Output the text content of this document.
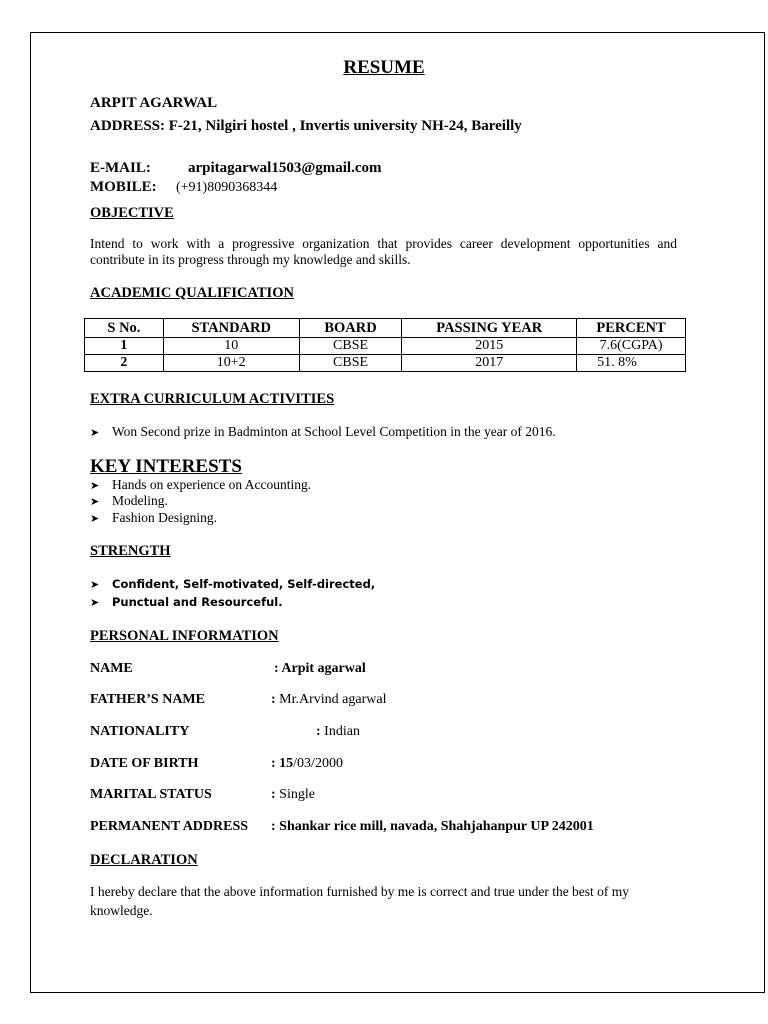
RESUME
ARPIT AGARWAL
ADDRESS: F-21, Nilgiri hostel , Invertis university NH-24, Bareilly
E-MAIL: arpitagarwal1503@gmail.com
MOBILE: (+91)8090368344
OBJECTIVE
Intend to work with a progressive organization that provides career development opportunities and
contribute in its progress through my knowledge and skills.
ACADEMIC QUALIFICATION
S No.	STANDARD	BOARD	PASSING YEAR	PERCENT
1	10	CBSE	2015	7.6(CGPA)
2	10+2	CBSE	2017	51. 8%
EXTRA CURRICULUM ACTIVITIES
➤ Won Second prize in Badminton at School Level Competition in the year of 2016.
KEY INTERESTS
➤ Hands on experience on Accounting.
➤ Modeling.
➤ Fashion Designing.
STRENGTH
➤ Confident, Self-motivated, Self-directed,
➤ Punctual and Resourceful.
PERSONAL INFORMATION
NAME	: Arpit agarwal
FATHER’S NAME	: Mr.Arvind agarwal
NATIONALITY	: Indian
DATE OF BIRTH	: 15/03/2000
MARITAL STATUS	: Single
PERMANENT ADDRESS : Shankar rice mill, navada, Shahjahanpur UP 242001
DECLARATION
I hereby declare that the above information furnished by me is correct and true under the best of my
knowledge.
